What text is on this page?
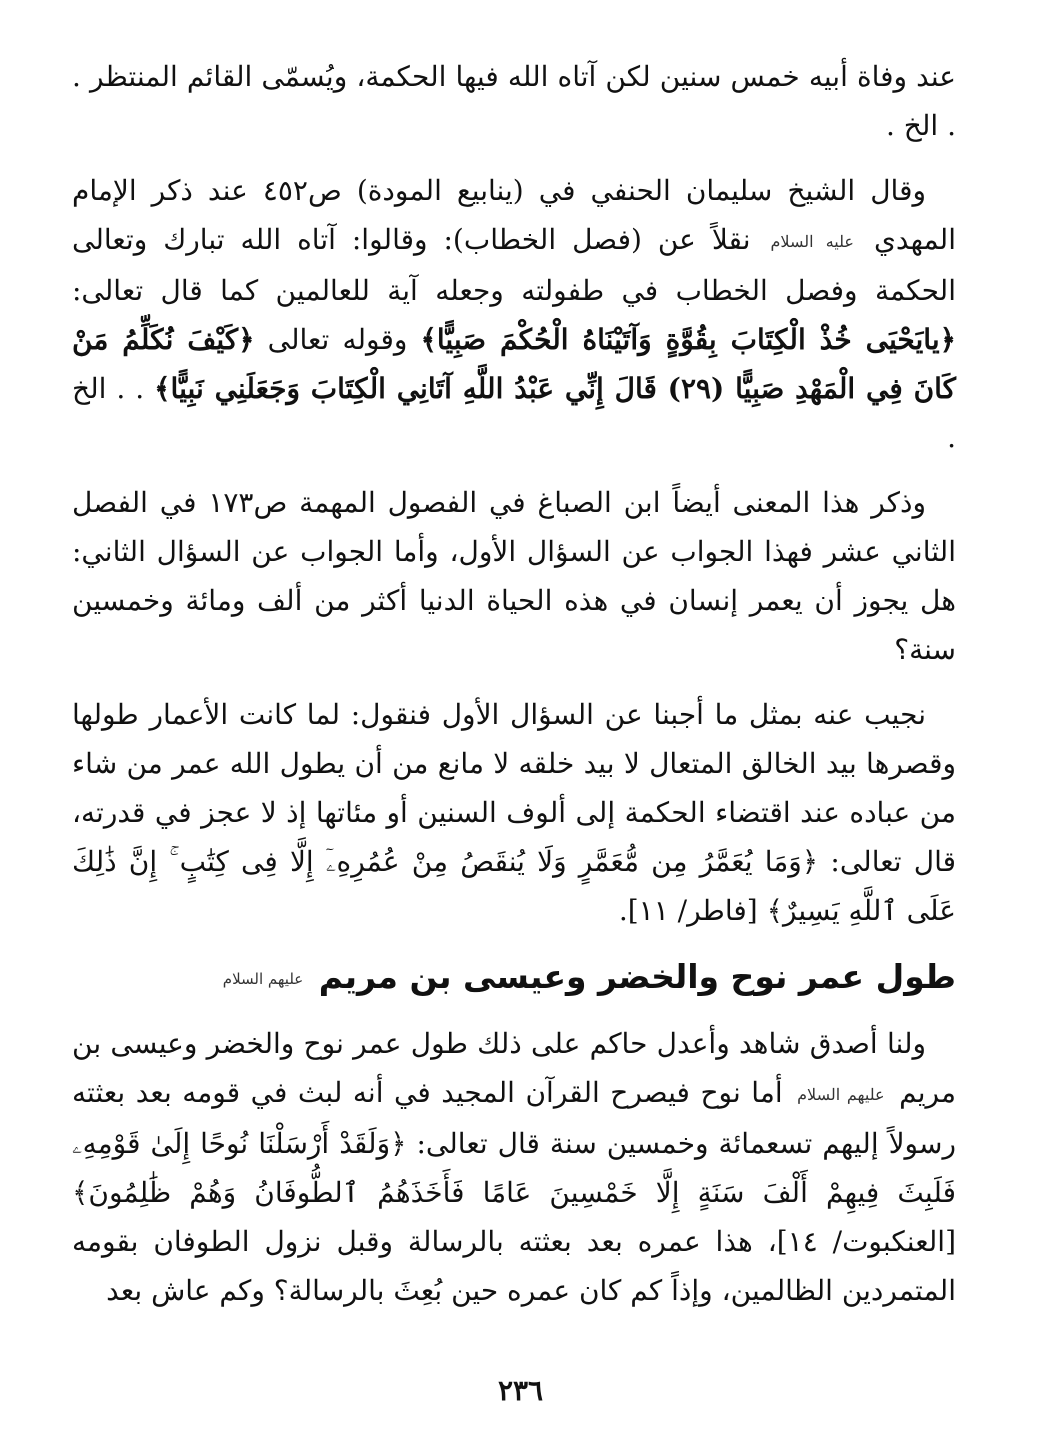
عند وفاة أبيه خمس سنين لكن آتاه الله فيها الحكمة، ويُسمّى القائم المنتظر . . الخ .

وقال الشيخ سليمان الحنفي في (ينابيع المودة) ص٤٥٢ عند ذكر الإمام المهدي عليه السلام نقلاً عن (فصل الخطاب): وقالوا: آتاه الله تبارك وتعالى الحكمة وفصل الخطاب في طفولته وجعله آية للعالمين كما قال تعالى: ﴿يايَحْيَى خُذْ الْكِتَابَ بِقُوَّةٍ وَآتَيْنَاهُ الْحُكْمَ صَبِيًّا﴾ وقوله تعالى ﴿كَيْفَ نُكَلِّمُ مَنْ كَانَ فِي الْمَهْدِ صَبِيًّا (٢٩) قَالَ إِنِّي عَبْدُ اللَّهِ آتَانِي الْكِتَابَ وَجَعَلَنِي نَبِيًّا﴾ . . الخ .

وذكر هذا المعنى أيضاً ابن الصباغ في الفصول المهمة ص١٧٣ في الفصل الثاني عشر فهذا الجواب عن السؤال الأول، وأما الجواب عن السؤال الثاني: هل يجوز أن يعمر إنسان في هذه الحياة الدنيا أكثر من ألف ومائة وخمسين سنة؟

نجيب عنه بمثل ما أجبنا عن السؤال الأول فنقول: لما كانت الأعمار طولها وقصرها بيد الخالق المتعال لا بيد خلقه لا مانع من أن يطول الله عمر من شاء من عباده عند اقتضاء الحكمة إلى ألوف السنين أو مئاتها إذ لا عجز في قدرته، قال تعالى: ﴿وَمَا يُعَمَّرُ مِن مُّعَمَّرٍ وَلَا يُنقَصُ مِنْ عُمُرِهِۦٓ إِلَّا فِى كِتَٰبٍ ۚ إِنَّ ذَٰلِكَ عَلَى ٱللَّهِ يَسِيرٌ﴾ [فاطر/ ١١].

طول عمر نوح والخضر وعيسى بن مريم عليهم السلام

ولنا أصدق شاهد وأعدل حاكم على ذلك طول عمر نوح والخضر وعيسى بن مريم عليهم السلام أما نوح فيصرح القرآن المجيد في أنه لبث في قومه بعد بعثته رسولاً إليهم تسعمائة وخمسين سنة قال تعالى: ﴿وَلَقَدْ أَرْسَلْنَا نُوحًا إِلَىٰ قَوْمِهِۦ فَلَبِثَ فِيهِمْ أَلْفَ سَنَةٍ إِلَّا خَمْسِينَ عَامًا فَأَخَذَهُمُ ٱلطُّوفَانُ وَهُمْ ظَٰلِمُونَ﴾ [العنكبوت/ ١٤]، هذا عمره بعد بعثته بالرسالة وقبل نزول الطوفان بقومه المتمردين الظالمين، وإذاً كم كان عمره حين بُعِثَ بالرسالة؟ وكم عاش بعد

٢٣٦
